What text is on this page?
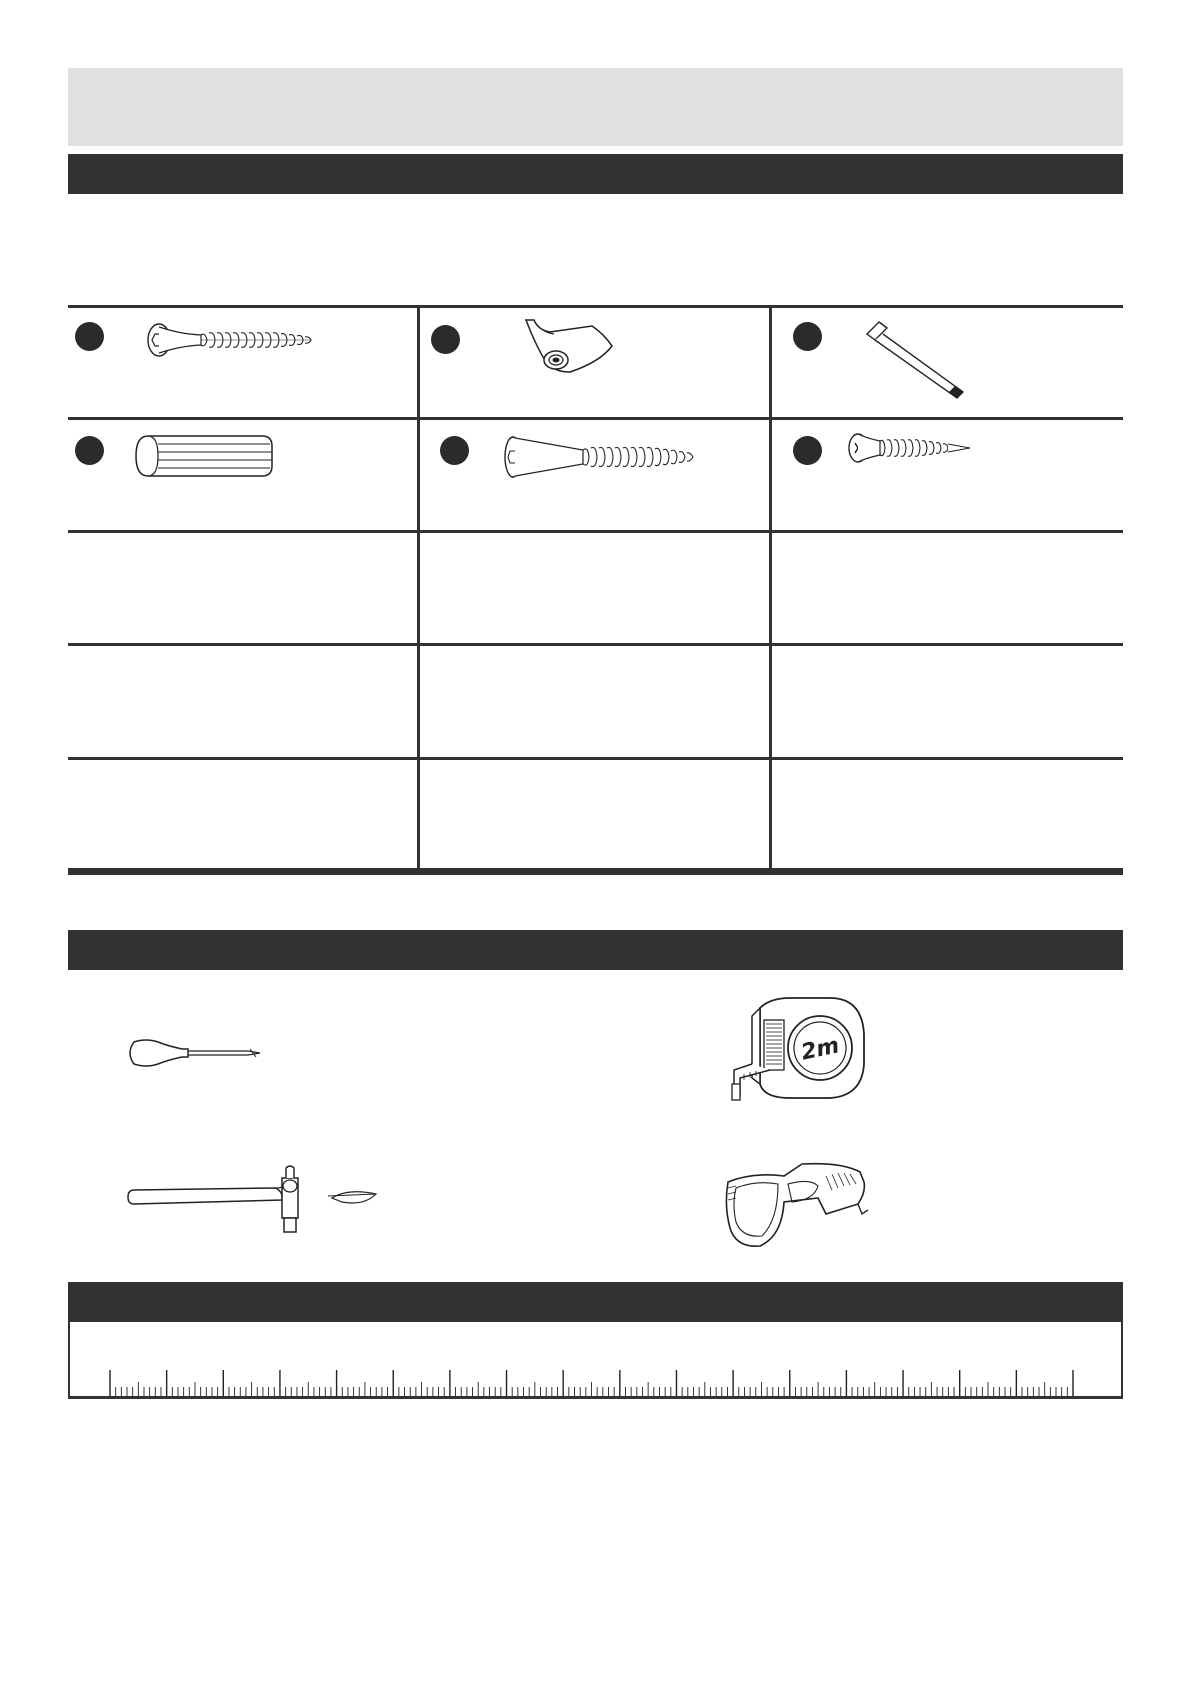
2m
